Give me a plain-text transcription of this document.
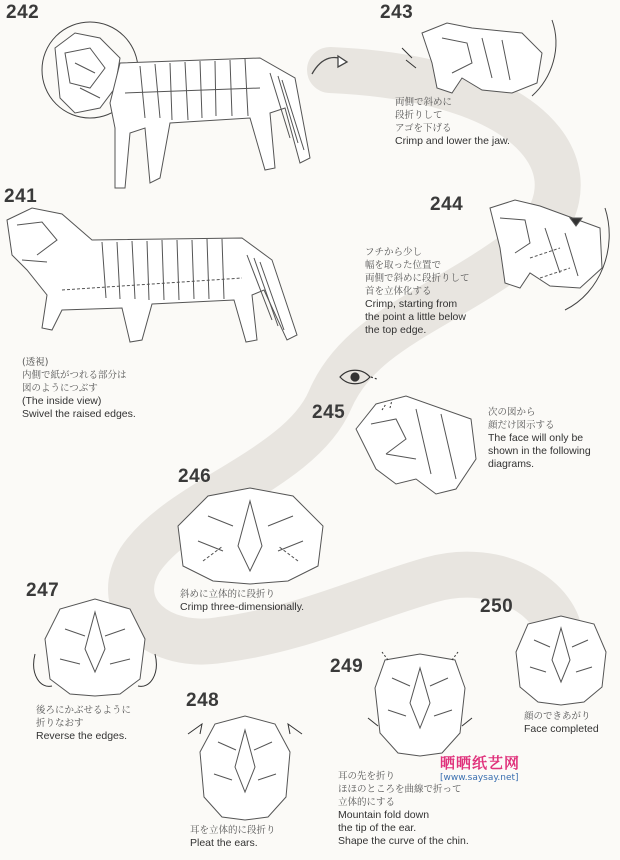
242	243
両側で斜めに
段折りして
アゴを下げる
Crimp and lower the jaw.
244
フチから少し
幅を取った位置で
両側で斜めに段折りして
首を立体化する
Crimp, starting from
the point a little below
the top edge.
241
(透視)
内側で紙がつれる部分は
図のようにつぶす
(The inside view)
Swivel the raised edges.	245	次の図から
顔だけ図示する
The face will only be
shown in the following
diagrams.
246
斜めに立体的に段折り
Crimp three-dimensionally.
247
後ろにかぶせるように
折りなおす
Reverse the edges.
248
耳を立体的に段折り
Pleat the ears.
249
耳の先を折り
ほほのところを曲線で折って
立体的にする
Mountain fold down
the tip of the ear.
Shape the curve of the chin.
250
顔のできあがり
Face completed
晒晒纸艺网
[www.saysay.net]
